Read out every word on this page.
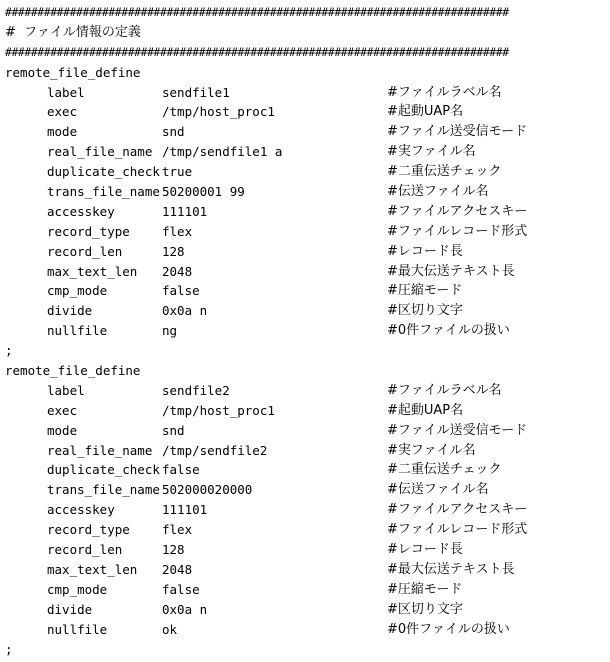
##############################################################################
#  ファイル情報の定義
##############################################################################
remote_file_define
label	sendfile1	#ファイルラベル名
exec	/tmp/host_proc1	#起動UAP名
mode	snd	#ファイル送受信モード
real_file_name /tmp/sendfile1 a	#実ファイル名
duplicate_check true	#二重伝送チェック
trans_file_name 50200001 99	#伝送ファイル名
accesskey	111101	#ファイルアクセスキー
record_type	flex	#ファイルレコード形式
record_len	128	#レコード長
max_text_len 2048	#最大伝送テキスト長
cmp_mode	false	#圧縮モード
divide	0x0a n	#区切り文字
nullfile	ng	#0件ファイルの扱い
;
remote_file_define
label	sendfile2	#ファイルラベル名
exec	/tmp/host_proc1	#起動UAP名
mode	snd	#ファイル送受信モード
real_file_name /tmp/sendfile2	#実ファイル名
duplicate_check false	#二重伝送チェック
trans_file_name 502000020000	#伝送ファイル名
accesskey	111101	#ファイルアクセスキー
record_type	flex	#ファイルレコード形式
record_len	128	#レコード長
max_text_len 2048	#最大伝送テキスト長
cmp_mode	false	#圧縮モード
divide	0x0a n	#区切り文字
nullfile	ok	#0件ファイルの扱い
;
